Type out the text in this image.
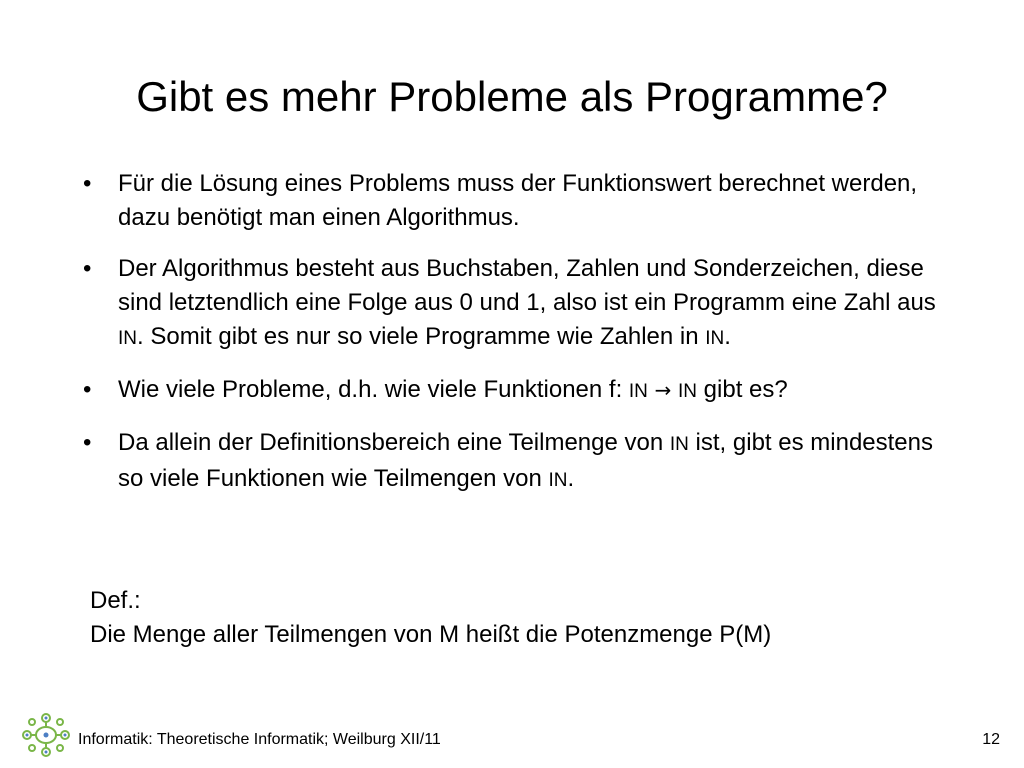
Gibt es mehr Probleme als Programme?
• Für die Lösung eines Problems muss der Funktionswert berechnet werden, dazu benötigt man einen Algorithmus.
• Der Algorithmus besteht aus Buchstaben, Zahlen und Sonderzeichen, diese sind letztendlich eine Folge aus 0 und 1, also ist ein Programm eine Zahl aus IN. Somit gibt es nur so viele Programme wie Zahlen in IN.
• Wie viele Probleme, d.h. wie viele Funktionen f: IN → IN gibt es?
• Da allein der Definitionsbereich eine Teilmenge von IN ist, gibt es mindestens so viele Funktionen wie Teilmengen von IN.
Def.:
Die Menge aller Teilmengen von M heißt die Potenzmenge P(M)
Informatik: Theoretische Informatik; Weilburg XII/11	12
